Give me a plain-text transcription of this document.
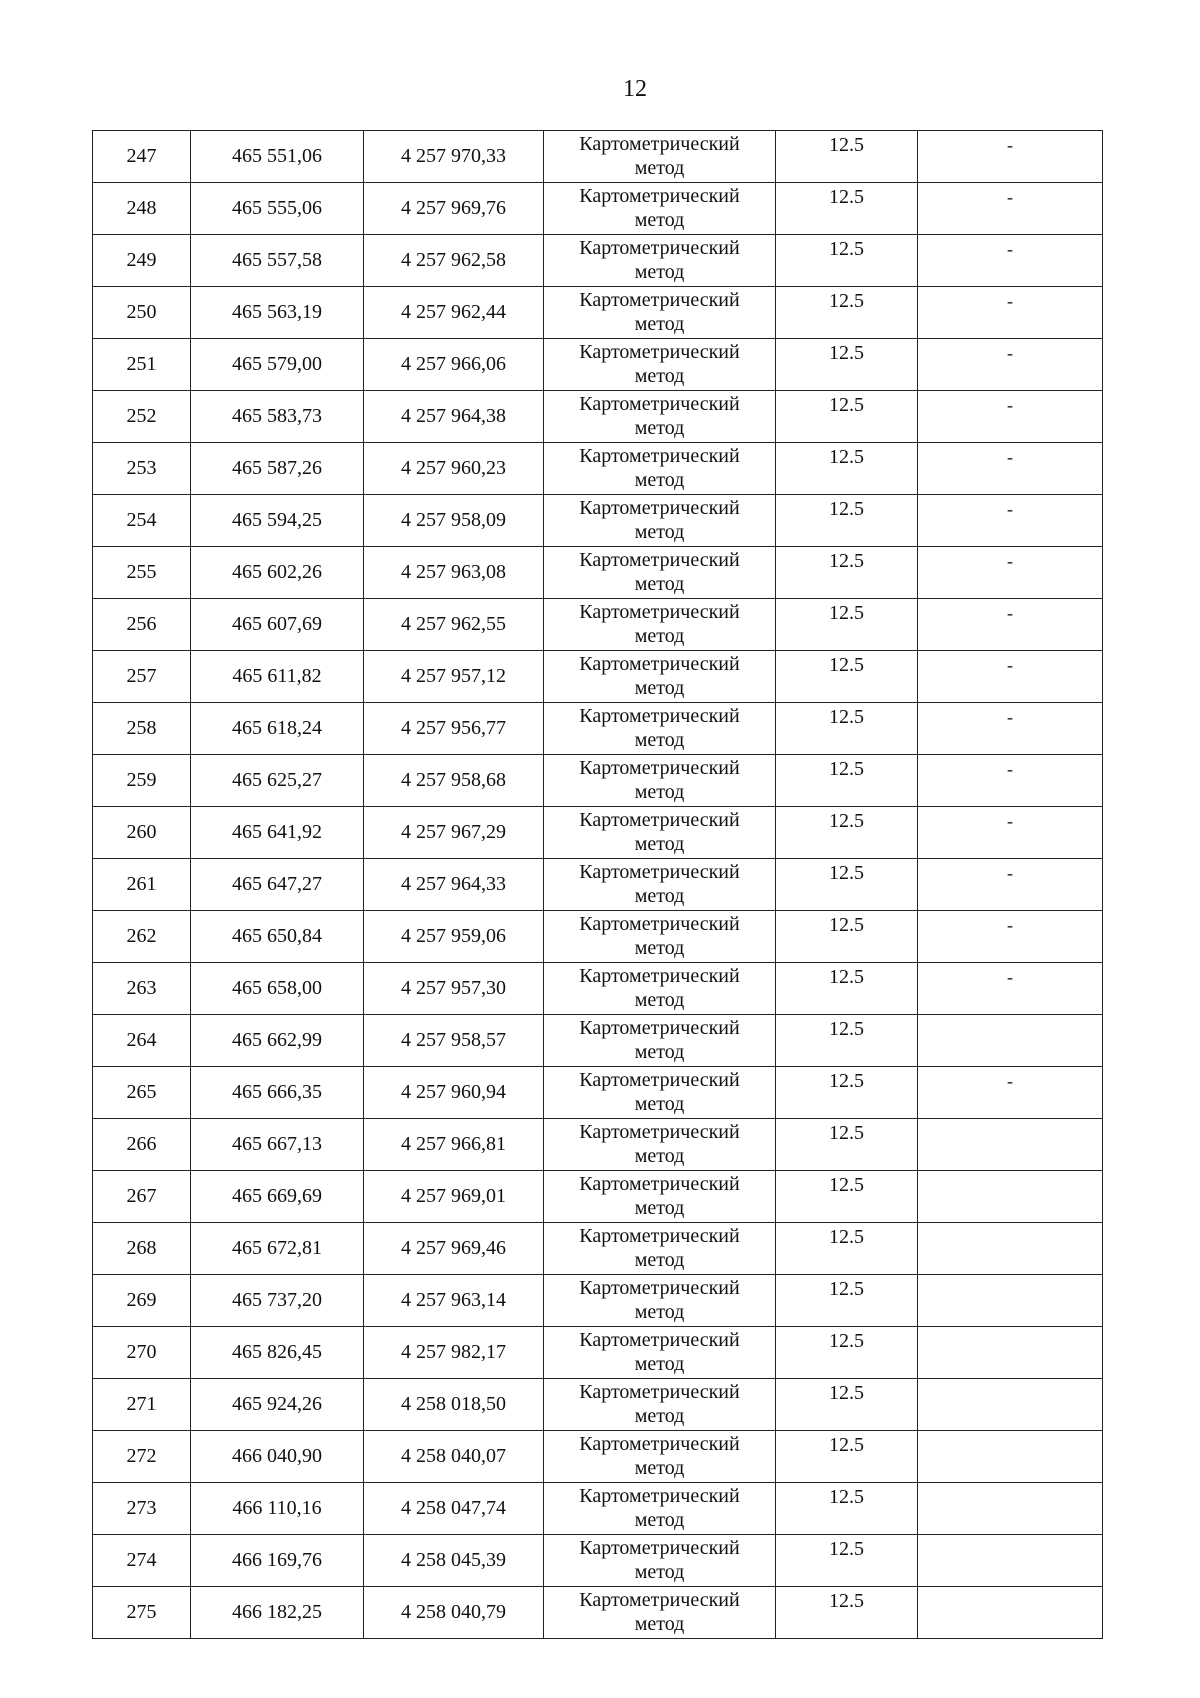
12
247	465 551,06	4 257 970,33	Картометрический
метод	12.5	-
248	465 555,06	4 257 969,76	Картометрический
метод	12.5	-
249	465 557,58	4 257 962,58	Картометрический
метод	12.5	-
250	465 563,19	4 257 962,44	Картометрический
метод	12.5	-
251	465 579,00	4 257 966,06	Картометрический
метод	12.5	-
252	465 583,73	4 257 964,38	Картометрический
метод	12.5	-
253	465 587,26	4 257 960,23	Картометрический
метод	12.5	-
254	465 594,25	4 257 958,09	Картометрический
метод	12.5	-
255	465 602,26	4 257 963,08	Картометрический
метод	12.5	-
256	465 607,69	4 257 962,55	Картометрический
метод	12.5	-
257	465 611,82	4 257 957,12	Картометрический
метод	12.5	-
258	465 618,24	4 257 956,77	Картометрический
метод	12.5	-
259	465 625,27	4 257 958,68	Картометрический
метод	12.5	-
260	465 641,92	4 257 967,29	Картометрический
метод	12.5	-
261	465 647,27	4 257 964,33	Картометрический
метод	12.5	-
262	465 650,84	4 257 959,06	Картометрический
метод	12.5	-
263	465 658,00	4 257 957,30	Картометрический
метод	12.5	-
264	465 662,99	4 257 958,57	Картометрический
метод	12.5	
265	465 666,35	4 257 960,94	Картометрический
метод	12.5	-
266	465 667,13	4 257 966,81	Картометрический
метод	12.5	
267	465 669,69	4 257 969,01	Картометрический
метод	12.5	
268	465 672,81	4 257 969,46	Картометрический
метод	12.5	
269	465 737,20	4 257 963,14	Картометрический
метод	12.5	
270	465 826,45	4 257 982,17	Картометрический
метод	12.5	
271	465 924,26	4 258 018,50	Картометрический
метод	12.5	
272	466 040,90	4 258 040,07	Картометрический
метод	12.5	
273	466 110,16	4 258 047,74	Картометрический
метод	12.5	
274	466 169,76	4 258 045,39	Картометрический
метод	12.5	
275	466 182,25	4 258 040,79	Картометрический
метод	12.5	
